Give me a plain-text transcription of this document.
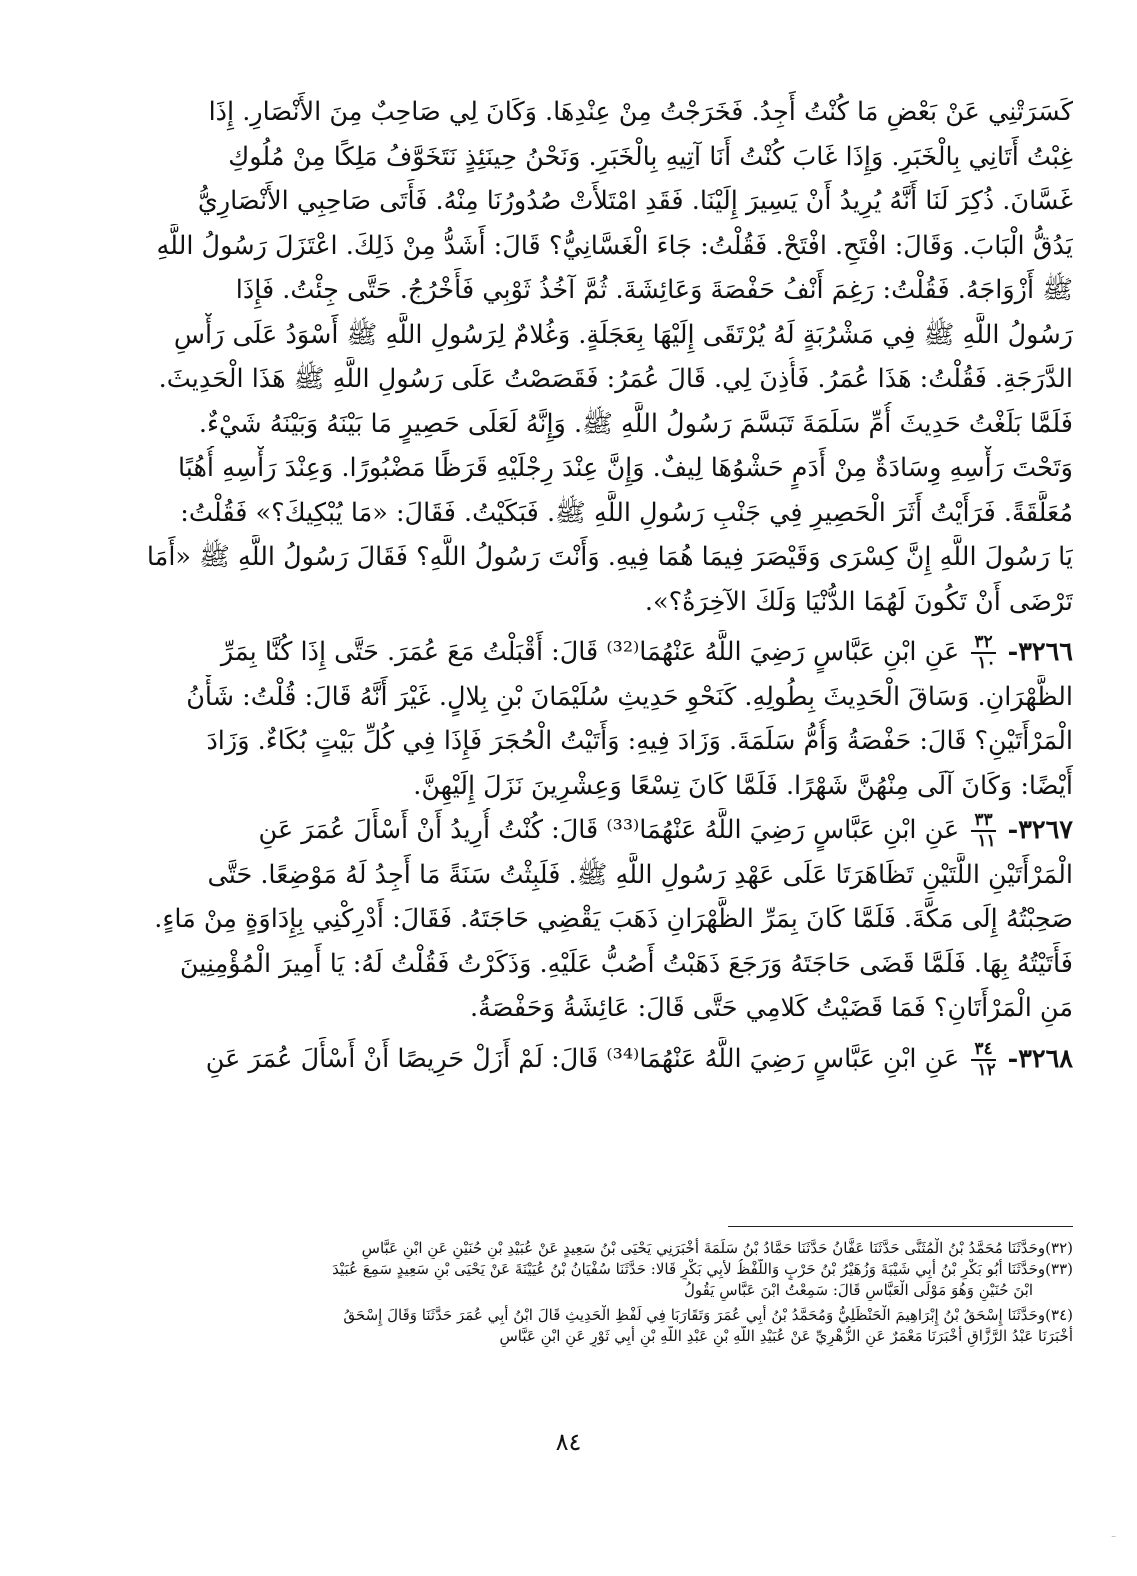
كَسَرَتْنِي عَنْ بَعْضِ مَا كُنْتُ أَجِدُ. فَخَرَجْتُ مِنْ عِنْدِهَا. وَكَانَ لِي صَاحِبٌ مِنَ الأَنْصَارِ. إِذَا
غِبْتُ أَتَانِي بِالْخَبَرِ. وَإِذَا غَابَ كُنْتُ أَنَا آتِيهِ بِالْخَبَرِ. وَنَحْنُ حِينَئِذٍ نَتَخَوَّفُ مَلِكًا مِنْ مُلُوكِ
غَسَّانَ. ذُكِرَ لَنَا أَنَّهُ يُرِيدُ أَنْ يَسِيرَ إِلَيْنَا. فَقَدِ امْتَلأَتْ صُدُورُنَا مِنْهُ. فَأَتَى صَاحِبِي الأَنْصَارِيُّ
يَدُقُّ الْبَابَ. وَقَالَ: افْتَحِ. افْتَحْ. فَقُلْتُ: جَاءَ الْغَسَّانِيُّ؟ قَالَ: أَشَدُّ مِنْ ذَلِكَ. اعْتَزَلَ رَسُولُ اللَّهِ
ﷺ أَزْوَاجَهُ. فَقُلْتُ: رَغِمَ أَنْفُ حَفْصَةَ وَعَائِشَةَ. ثُمَّ آخُذُ ثَوْبِي فَأَخْرُجُ. حَتَّى جِئْتُ. فَإِذَا
رَسُولُ اللَّهِ ﷺ فِي مَشْرُبَةٍ لَهُ يُرْتَقَى إِلَيْهَا بِعَجَلَةٍ. وَغُلامٌ لِرَسُولِ اللَّهِ ﷺ أَسْوَدُ عَلَى رَأْسِ
الدَّرَجَةِ. فَقُلْتُ: هَذَا عُمَرُ. فَأُذِنَ لِي. قَالَ عُمَرُ: فَقَصَصْتُ عَلَى رَسُولِ اللَّهِ ﷺ هَذَا الْحَدِيثَ.
فَلَمَّا بَلَغْتُ حَدِيثَ أُمِّ سَلَمَةَ تَبَسَّمَ رَسُولُ اللَّهِ ﷺ. وَإِنَّهُ لَعَلَى حَصِيرٍ مَا بَيْنَهُ وَبَيْنَهُ شَيْءٌ.
وَتَحْتَ رَأْسِهِ وِسَادَةٌ مِنْ أَدَمٍ حَشْوُهَا لِيفٌ. وَإِنَّ عِنْدَ رِجْلَيْهِ قَرَظًا مَضْبُورًا. وَعِنْدَ رَأْسِهِ أُهُبًا
مُعَلَّقَةً. فَرَأَيْتُ أَثَرَ الْحَصِيرِ فِي جَنْبِ رَسُولِ اللَّهِ ﷺ. فَبَكَيْتُ. فَقَالَ: «مَا يُبْكِيكَ؟» فَقُلْتُ:
يَا رَسُولَ اللَّهِ إِنَّ كِسْرَى وَقَيْصَرَ فِيمَا هُمَا فِيهِ. وَأَنْتَ رَسُولُ اللَّهِ؟ فَقَالَ رَسُولُ اللَّهِ ﷺ «أَمَا
تَرْضَى أَنْ تَكُونَ لَهُمَا الدُّنْيَا وَلَكَ الآخِرَةُ؟».
٣٢٦٦-
$\frac{٣٢}{١٠}$
عَنِ ابْنِ عَبَّاسٍ رَضِيَ اللَّهُ عَنْهُمَا⁽³²⁾ قَالَ: أَقْبَلْتُ مَعَ عُمَرَ. حَتَّى إِذَا كُنَّا بِمَرِّ
الظَّهْرَانِ. وَسَاقَ الْحَدِيثَ بِطُولِهِ. كَنَحْوِ حَدِيثِ سُلَيْمَانَ بْنِ بِلالٍ. غَيْرَ أَنَّهُ قَالَ: قُلْتُ: شَأْنُ
الْمَرْأَتَيْنِ؟ قَالَ: حَفْصَةُ وَأُمُّ سَلَمَةَ. وَزَادَ فِيهِ: وَأَتَيْتُ الْحُجَرَ فَإِذَا فِي كُلِّ بَيْتٍ بُكَاءٌ. وَزَادَ
أَيْضًا: وَكَانَ آلَى مِنْهُنَّ شَهْرًا. فَلَمَّا كَانَ تِسْعًا وَعِشْرِينَ نَزَلَ إِلَيْهِنَّ.
٣٢٦٧-
$\frac{٣٣}{١١}$
عَنِ ابْنِ عَبَّاسٍ رَضِيَ اللَّهُ عَنْهُمَا⁽³³⁾ قَالَ: كُنْتُ أُرِيدُ أَنْ أَسْأَلَ عُمَرَ عَنِ
الْمَرْأَتَيْنِ اللَّتَيْنِ تَظَاهَرَتَا عَلَى عَهْدِ رَسُولِ اللَّهِ ﷺ. فَلَبِثْتُ سَنَةً مَا أَجِدُ لَهُ مَوْضِعًا. حَتَّى
صَحِبْتُهُ إِلَى مَكَّةَ. فَلَمَّا كَانَ بِمَرِّ الظَّهْرَانِ ذَهَبَ يَقْضِي حَاجَتَهُ. فَقَالَ: أَدْرِكْنِي بِإِدَاوَةٍ مِنْ مَاءٍ.
فَأَتَيْتُهُ بِهَا. فَلَمَّا قَضَى حَاجَتَهُ وَرَجَعَ ذَهَبْتُ أَصُبُّ عَلَيْهِ. وَذَكَرْتُ فَقُلْتُ لَهُ: يَا أَمِيرَ الْمُؤْمِنِينَ
مَنِ الْمَرْأَتَانِ؟ فَمَا قَضَيْتُ كَلامِي حَتَّى قَالَ: عَائِشَةُ وَحَفْصَةُ.
٣٢٦٨-
$\frac{٣٤}{١٢}$
عَنِ ابْنِ عَبَّاسٍ رَضِيَ اللَّهُ عَنْهُمَا⁽³⁴⁾ قَالَ: لَمْ أَزَلْ حَرِيصًا أَنْ أَسْأَلَ عُمَرَ عَنِ
(٣٢)وحَدَّثَنَا مُحَمَّدُ بْنُ الْمُثَنَّى حَدَّثَنَا عَفَّانُ حَدَّثَنَا حَمَّادُ بْنُ سَلَمَةَ أَخْبَرَنِي يَحْيَى بْنُ سَعِيدٍ عَنْ عُبَيْدِ بْنِ حُنَيْنٍ عَنِ ابْنِ عَبَّاسٍ
(٣٣)وحَدَّثَنَا أَبُو بَكْرِ بْنُ أَبِي شَيْبَةَ وَزُهَيْرُ بْنُ حَرْبٍ وَاللَّفْظُ لأَبِي بَكْرٍ قَالا: حَدَّثَنَا سُفْيَانُ بْنُ عُيَيْنَةَ عَنْ يَحْيَى بْنِ سَعِيدٍ سَمِعَ عُبَيْدَ
ابْنَ حُنَيْنٍ وَهُوَ مَوْلَى الْعَبَّاسِ قَالَ: سَمِعْتُ ابْنَ عَبَّاسٍ يَقُولُ
(٣٤)وحَدَّثَنَا إِسْحَقُ بْنُ إِبْرَاهِيمَ الْحَنْظَلِيُّ وَمُحَمَّدُ بْنُ أَبِي عُمَرَ وَتَقَارَبَا فِي لَفْظِ الْحَدِيثِ قَالَ ابْنُ أَبِي عُمَرَ حَدَّثَنَا وَقَالَ إِسْحَقُ
أَخْبَرَنَا عَبْدُ الرَّزَّاقِ أَخْبَرَنَا مَعْمَرٌ عَنِ الزُّهْرِيِّ عَنْ عُبَيْدِ اللَّهِ بْنِ عَبْدِ اللَّهِ بْنِ أَبِي ثَوْرٍ عَنِ ابْنِ عَبَّاسٍ
٨٤
⁻
